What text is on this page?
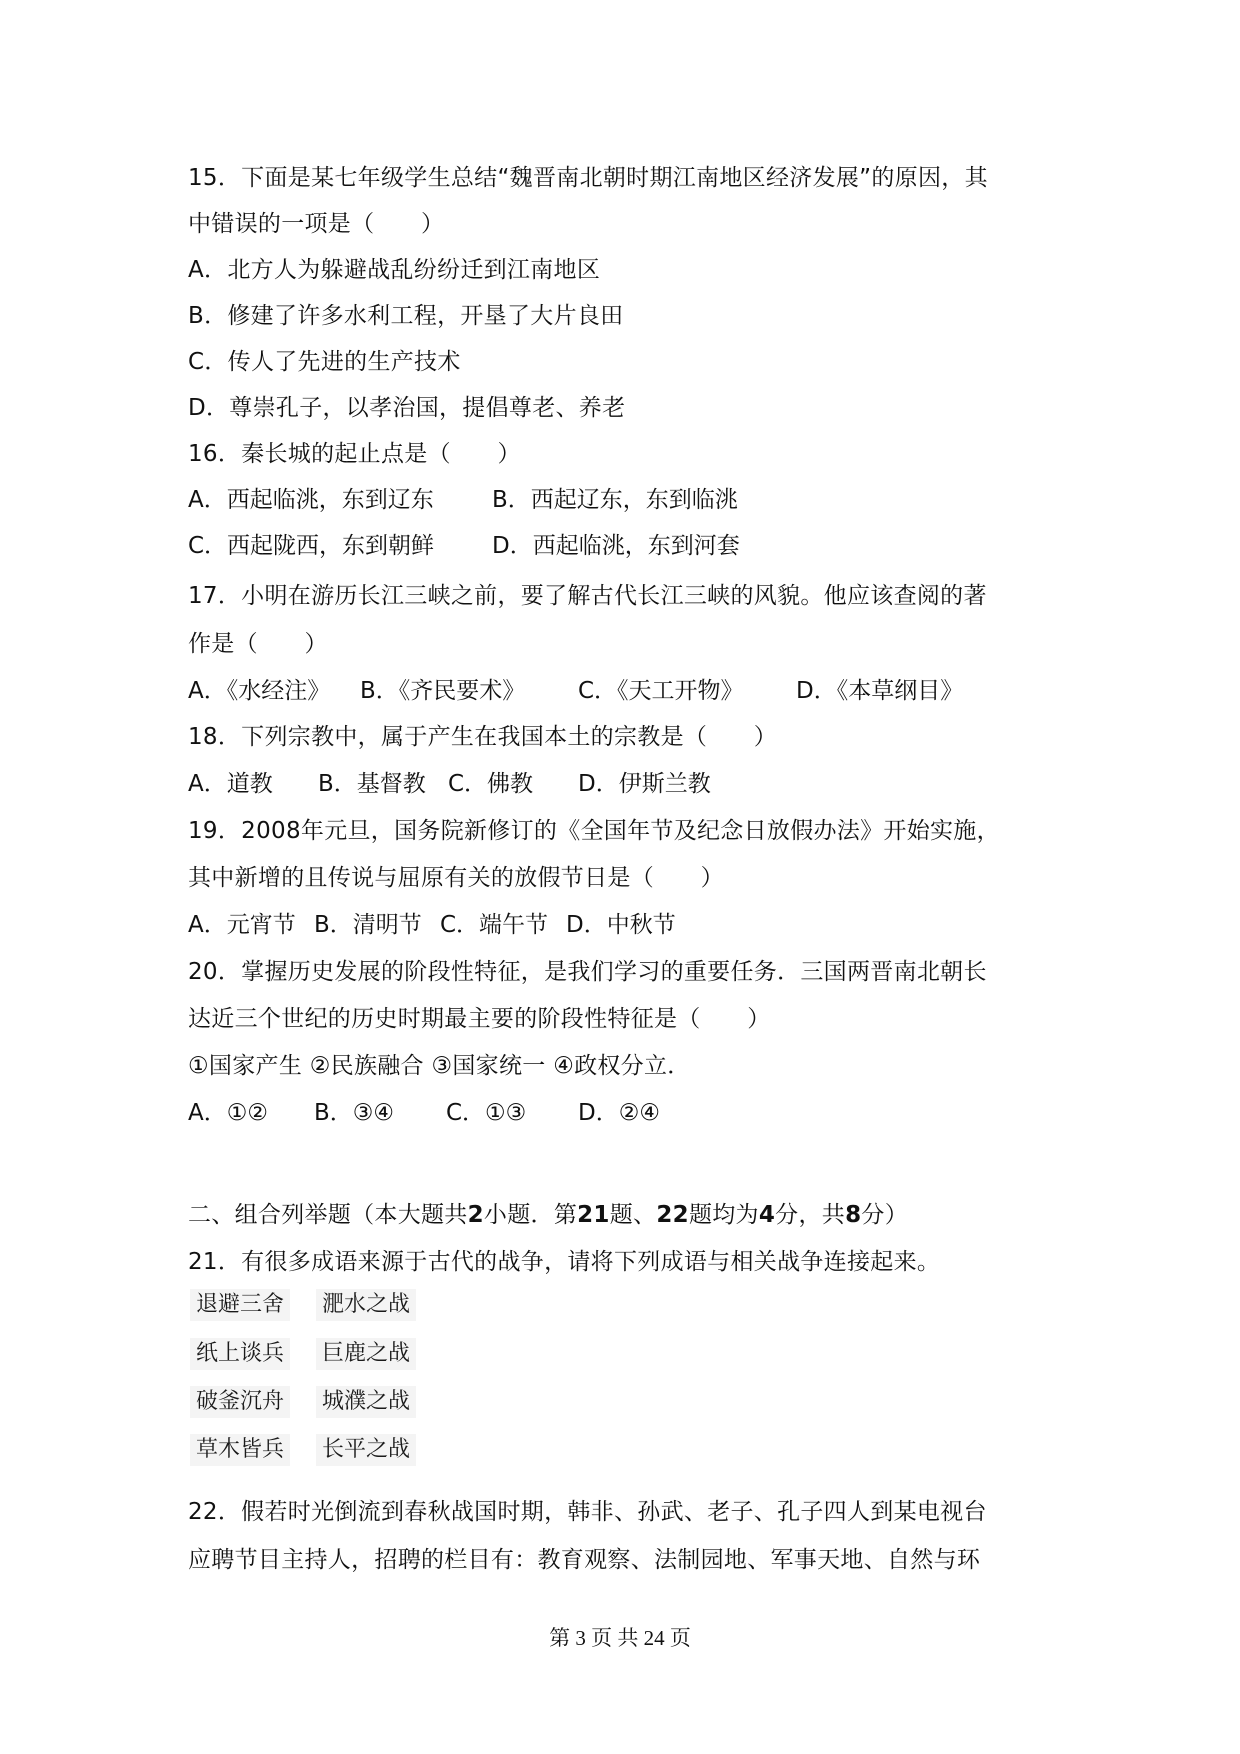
15．下面是某七年级学生总结“魏晋南北朝时期江南地区经济发展”的原因，其
中错误的一项是（　　）
A．北方人为躲避战乱纷纷迁到江南地区
B．修建了许多水利工程，开垦了大片良田
C．传人了先进的生产技术
D．尊崇孔子，以孝治国，提倡尊老、养老
16．秦长城的起止点是（　　）
A．西起临洮，东到辽东	B．西起辽东，东到临洮
C．西起陇西，东到朝鲜	D．西起临洮，东到河套
17．小明在游历长江三峡之前，要了解古代长江三峡的风貌。他应该查阅的著
作是（　　）
A．《水经注》 B．《齐民要术》 C．《天工开物》 D．《本草纲目》
18．下列宗教中，属于产生在我国本土的宗教是（　　）
A．道教 B．基督教 C．佛教 D．伊斯兰教
19．2008年元旦，国务院新修订的《全国年节及纪念日放假办法》开始实施，
其中新增的且传说与屈原有关的放假节日是（　　）
A．元宵节 B．清明节 C．端午节 D．中秋节
20．掌握历史发展的阶段性特征，是我们学习的重要任务．三国两晋南北朝长
达近三个世纪的历史时期最主要的阶段性特征是（　　）
①国家产生 ②民族融合 ③国家统一 ④政权分立．
A．①② B．③④ C．①③ D．②④
二、组合列举题（本大题共2小题．第21题、22题均为4分，共8分）
21．有很多成语来源于古代的战争，请将下列成语与相关战争连接起来。
退避三舍 淝水之战
纸上谈兵 巨鹿之战
破釜沉舟 城濮之战
草木皆兵 长平之战
22．假若时光倒流到春秋战国时期，韩非、孙武、老子、孔子四人到某电视台
应聘节目主持人，招聘的栏目有：教育观察、法制园地、军事天地、自然与环
第 3 页 共 24 页
